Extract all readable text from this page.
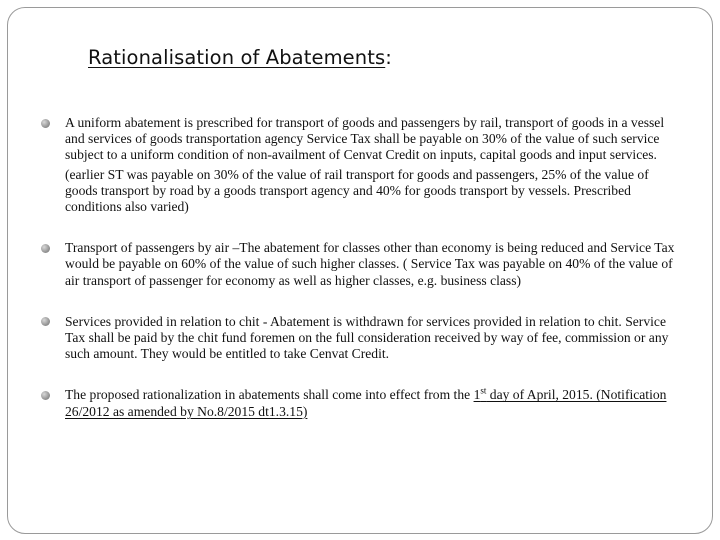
Rationalisation of Abatements:

A uniform abatement is prescribed for transport of goods and passengers by rail, transport of goods in a vessel and services of goods transportation agency Service Tax shall be payable on 30% of the value of such service subject to a uniform condition of non-availment of Cenvat Credit on inputs, capital goods and input services.

(earlier ST was payable on 30% of the value of rail transport for goods and passengers, 25% of the value of goods transport by road by a goods transport agency and 40% for goods transport by vessels. Prescribed conditions also varied)

Transport of passengers by air –The abatement for classes other than economy is being reduced and Service Tax would be payable on 60% of the value of such higher classes. ( Service Tax was payable on 40% of the value of air transport of passenger for economy as well as higher classes, e.g. business class)

Services provided in relation to chit - Abatement is withdrawn for services provided in relation to chit. Service Tax shall be paid by the chit fund foremen on the full consideration received by way of fee, commission or any such amount. They would be entitled to take Cenvat Credit.

The proposed rationalization in abatements shall come into effect from the 1st day of April, 2015. (Notification 26/2012 as amended by No.8/2015 dt1.3.15)
